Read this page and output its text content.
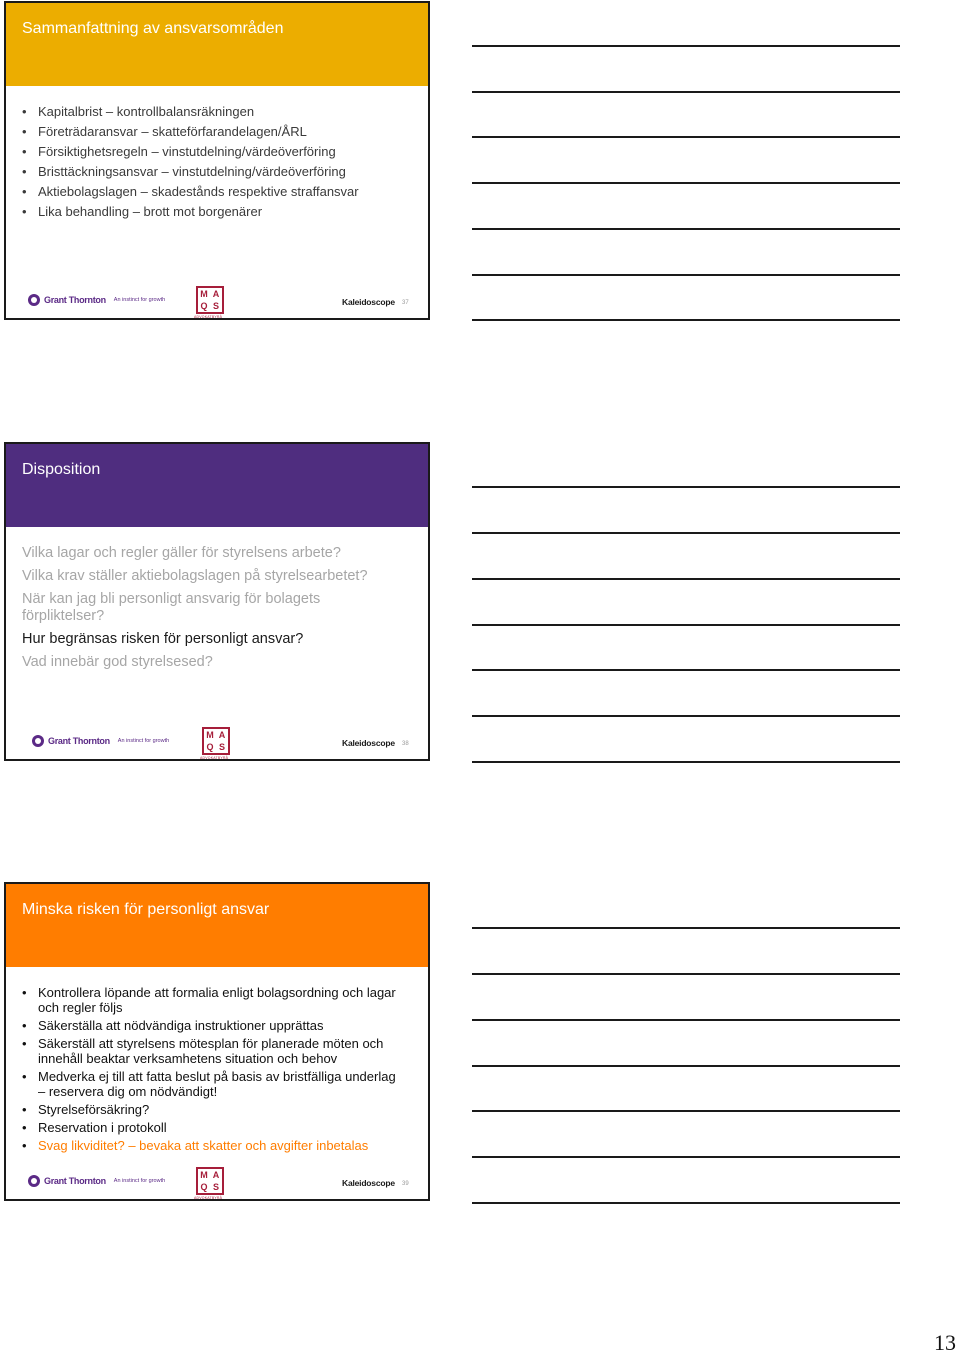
Sammanfattning av ansvarsområden
• Kapitalbrist – kontrollbalansräkningen
• Företrädaransvar – skatteförfarandelagen/ÅRL
• Försiktighetsregeln – vinstutdelning/värdeöverföring
• Bristtäckningsansvar – vinstutdelning/värdeöverföring
• Aktiebolagslagen – skadestånds respektive straffansvar
• Lika behandling – brott mot borgenärer
Grant Thornton An instinct for growth
M A
Q S
ADVOKATBYRÅ
Kaleidoscope 37
Disposition
Vilka lagar och regler gäller för styrelsens arbete?
Vilka krav ställer aktiebolagslagen på styrelsearbetet?
När kan jag bli personligt ansvarig för bolagets förpliktelser?
Hur begränsas risken för personligt ansvar?
Vad innebär god styrelsesed?
Grant Thornton An instinct for growth
M A
Q S
ADVOKATBYRÅ
Kaleidoscope 38
Minska risken för personligt ansvar
• Kontrollera löpande att formalia enligt bolagsordning och lagar och regler följs
• Säkerställa att nödvändiga instruktioner upprättas
• Säkerställ att styrelsens mötesplan för planerade möten och innehåll beaktar verksamhetens situation och behov
• Medverka ej till att fatta beslut på basis av bristfälliga underlag – reservera dig om nödvändigt!
• Styrelseförsäkring?
• Reservation i protokoll
• Svag likviditet? – bevaka att skatter och avgifter inbetalas
Grant Thornton An instinct for growth
M A
Q S
ADVOKATBYRÅ
Kaleidoscope 39
13
